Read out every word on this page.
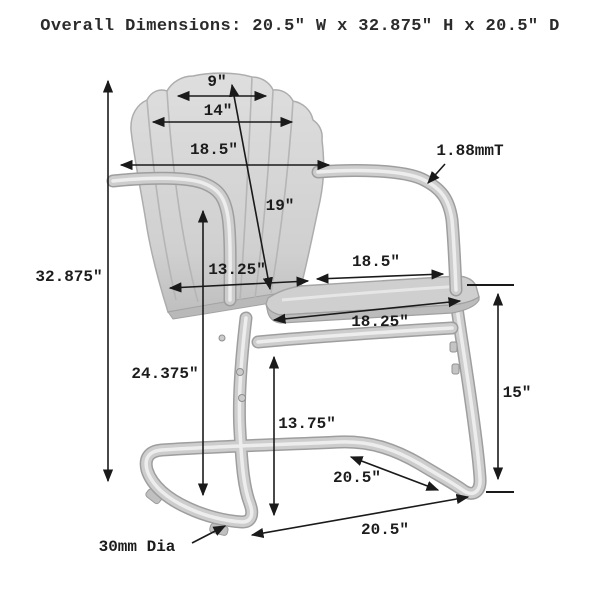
Overall Dimensions: 20.5" W x 32.875" H x 20.5" D
9"
14"
18.5"
19"
13.25"	18.5"
18.25"
32.875"
24.375"
13.75"
15"
20.5"
20.5"
1.88mmT
30mm Dia
